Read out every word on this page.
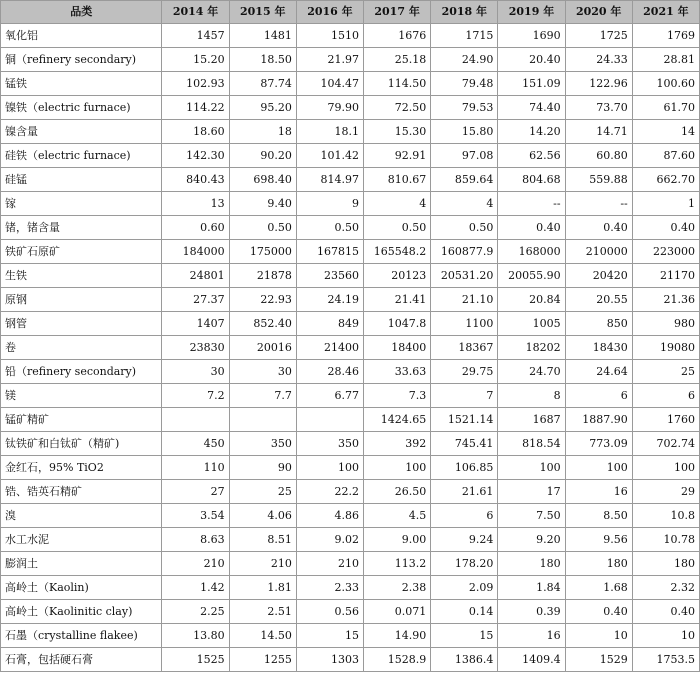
品类	2014 年	2015 年	2016 年	2017 年	2018 年	2019 年	2020 年	2021 年
氧化铝	1457	1481	1510	1676	1715	1690	1725	1769
铜（refinery secondary)	15.20	18.50	21.97	25.18	24.90	20.40	24.33	28.81
锰铁	102.93	87.74	104.47	114.50	79.48	151.09	122.96	100.60
镍铁（electric furnace)	114.22	95.20	79.90	72.50	79.53	74.40	73.70	61.70
镍含量	18.60	18	18.1	15.30	15.80	14.20	14.71	14
硅铁（electric furnace)	142.30	90.20	101.42	92.91	97.08	62.56	60.80	87.60
硅锰	840.43	698.40	814.97	810.67	859.64	804.68	559.88	662.70
镓	13	9.40	9	4	4	--	--	1
锗，锗含量	0.60	0.50	0.50	0.50	0.50	0.40	0.40	0.40
铁矿石原矿	184000	175000	167815	165548.2	160877.9	168000	210000	223000
生铁	24801	21878	23560	20123	20531.20	20055.90	20420	21170
原钢	27.37	22.93	24.19	21.41	21.10	20.84	20.55	21.36
钢管	1407	852.40	849	1047.8	1100	1005	850	980
卷	23830	20016	21400	18400	18367	18202	18430	19080
铅（refinery secondary)	30	30	28.46	33.63	29.75	24.70	24.64	25
镁	7.2	7.7	6.77	7.3	7	8	6	6
锰矿精矿				1424.65	1521.14	1687	1887.90	1760
钛铁矿和白钛矿（精矿)	450	350	350	392	745.41	818.54	773.09	702.74
金红石，95% TiO2	110	90	100	100	106.85	100	100	100
锆、锆英石精矿	27	25	22.2	26.50	21.61	17	16	29
溴	3.54	4.06	4.86	4.5	6	7.50	8.50	10.8
水工水泥	8.63	8.51	9.02	9.00	9.24	9.20	9.56	10.78
膨润土	210	210	210	113.2	178.20	180	180	180
高岭土（Kaolin)	1.42	1.81	2.33	2.38	2.09	1.84	1.68	2.32
高岭土（Kaolinitic clay)	2.25	2.51	0.56	0.071	0.14	0.39	0.40	0.40
石墨（crystalline flakee)	13.80	14.50	15	14.90	15	16	10	10
石膏，包括硬石膏	1525	1255	1303	1528.9	1386.4	1409.4	1529	1753.5
